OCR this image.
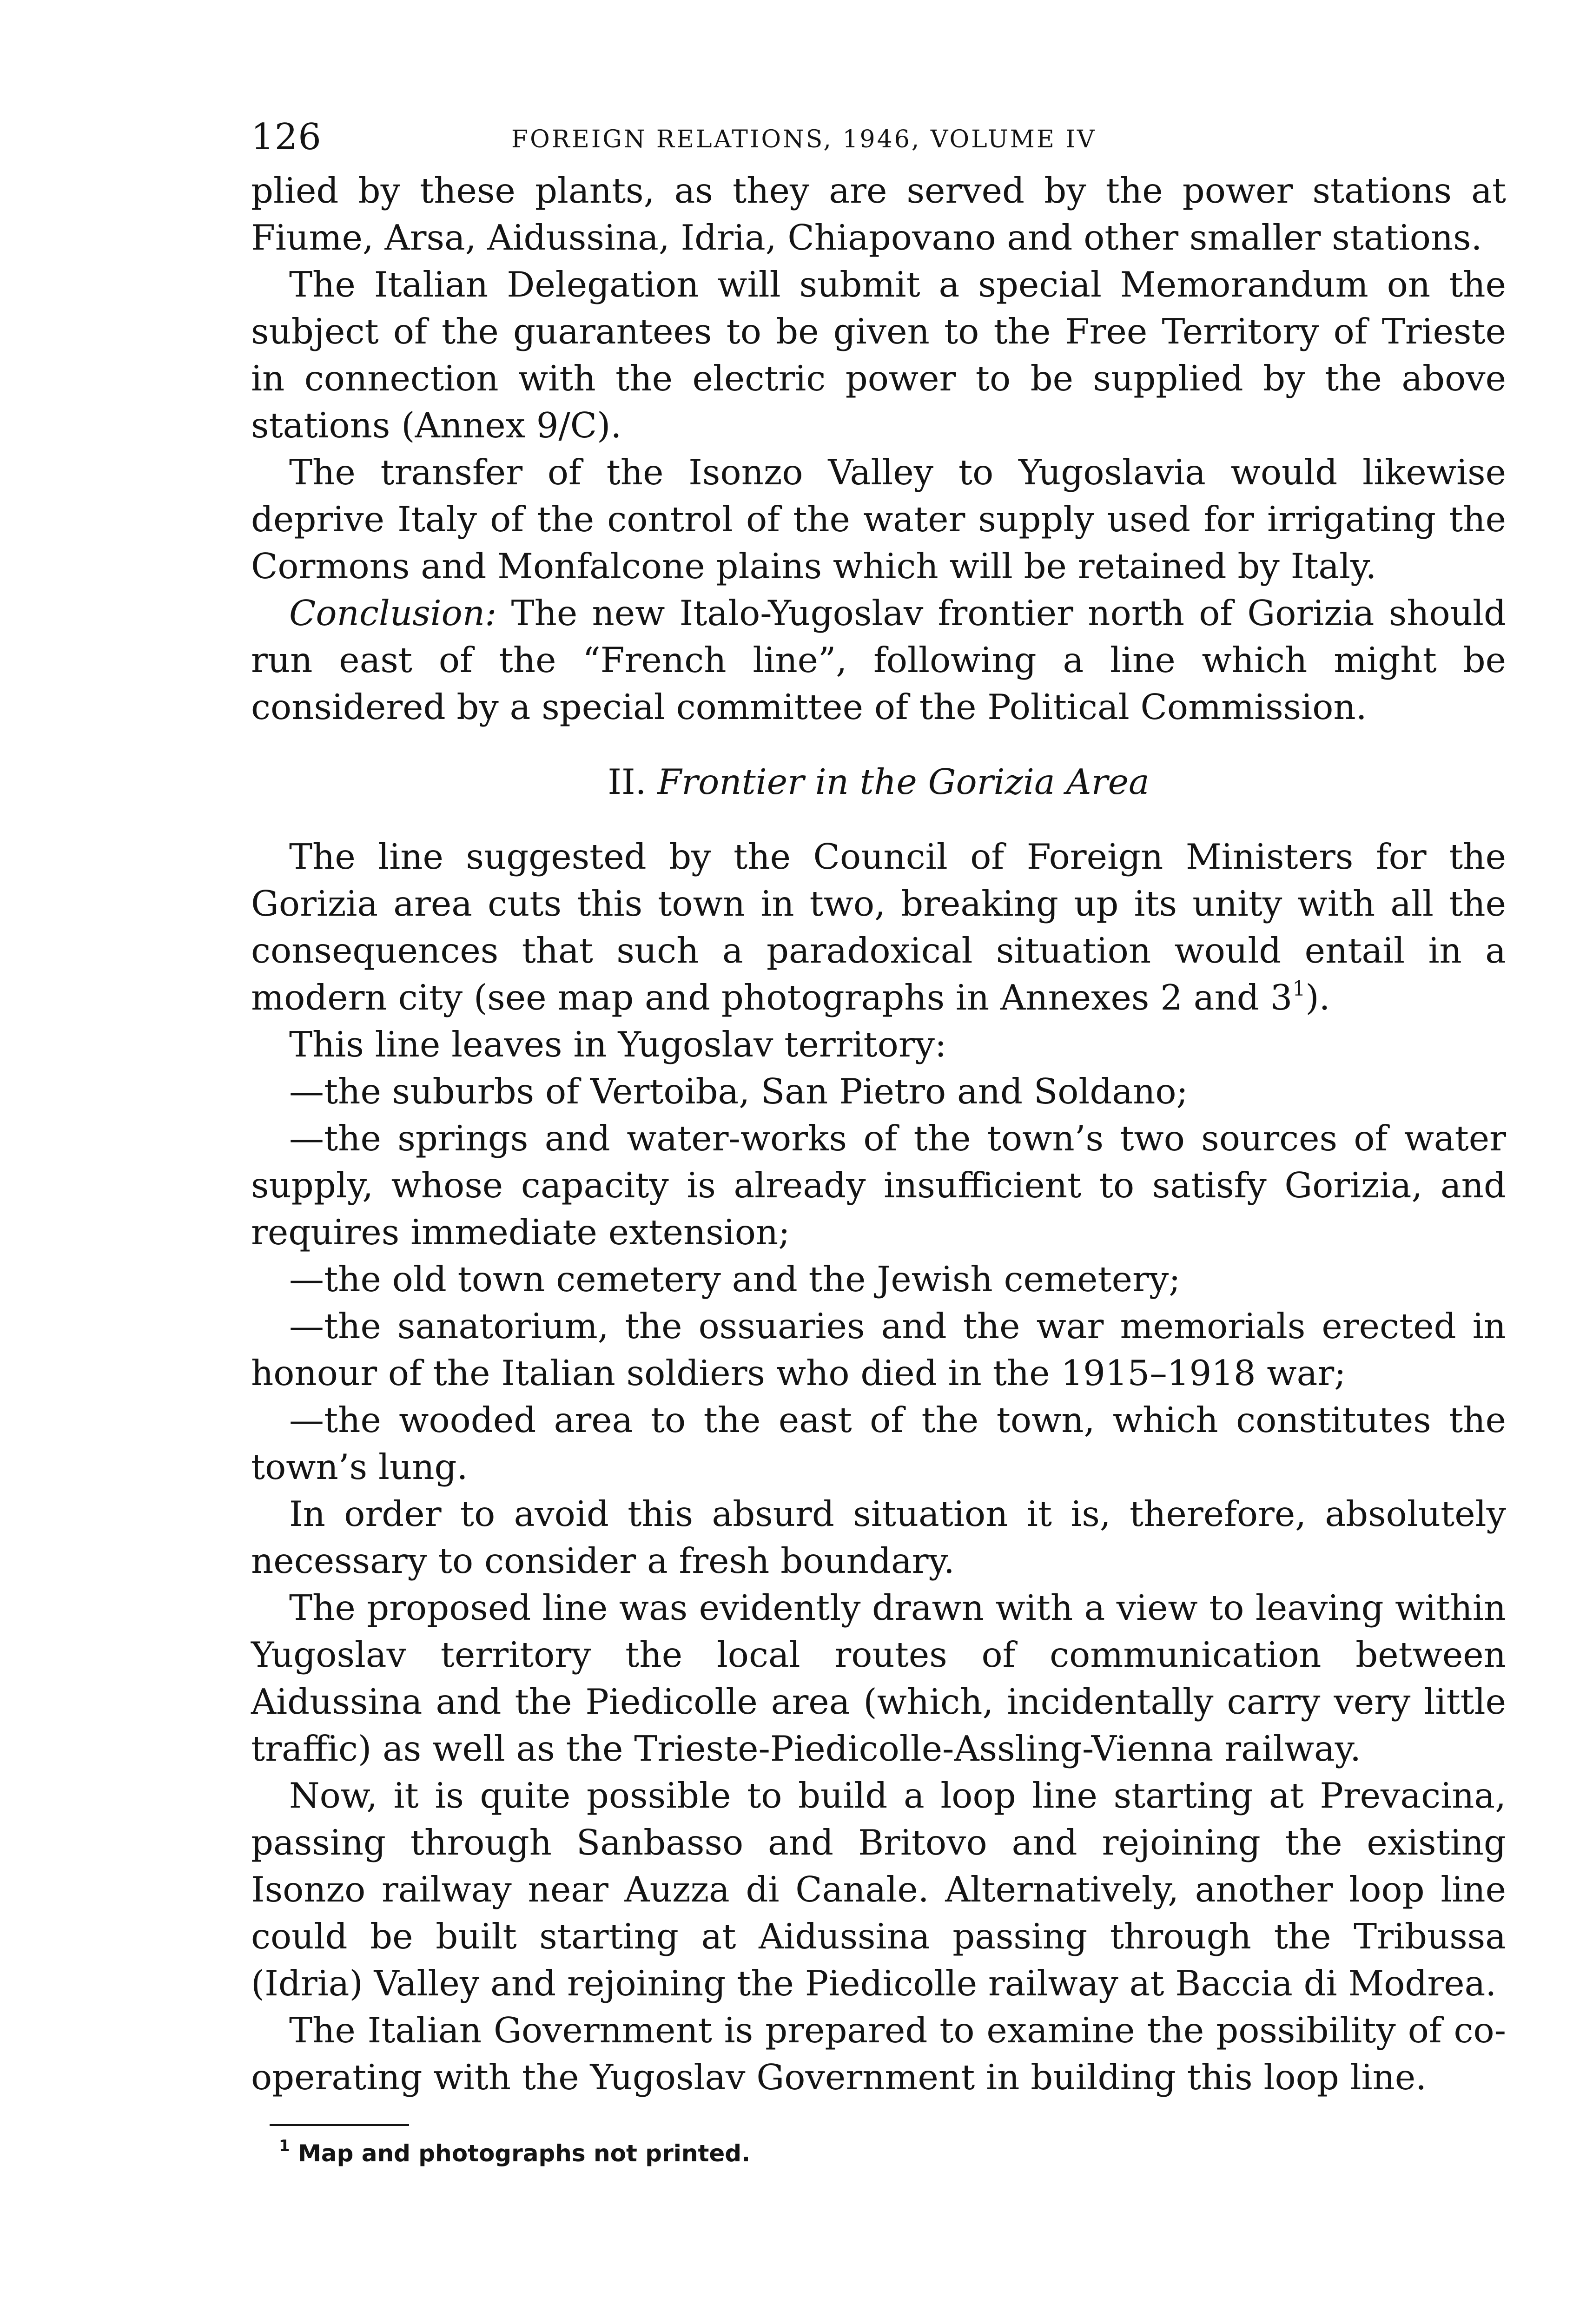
126	FOREIGN RELATIONS, 1946, VOLUME IV

plied by these plants, as they are served by the power stations at Fiume, Arsa, Aidussina, Idria, Chiapovano and other smaller stations.

The Italian Delegation will submit a special Memorandum on the subject of the guarantees to be given to the Free Territory of Trieste in connection with the electric power to be supplied by the above stations (Annex 9/C).

The transfer of the Isonzo Valley to Yugoslavia would likewise deprive Italy of the control of the water supply used for irrigating the Cormons and Monfalcone plains which will be retained by Italy.

Conclusion: The new Italo-Yugoslav frontier north of Gorizia should run east of the “French line”, following a line which might be considered by a special committee of the Political Commission.

II. Frontier in the Gorizia Area

The line suggested by the Council of Foreign Ministers for the Gorizia area cuts this town in two, breaking up its unity with all the consequences that such a paradoxical situation would entail in a modern city (see map and photographs in Annexes 2 and $3^1$).

This line leaves in Yugoslav territory:

—the suburbs of Vertoiba, San Pietro and Soldano;

—the springs and water-works of the town’s two sources of water supply, whose capacity is already insufficient to satisfy Gorizia, and requires immediate extension;

—the old town cemetery and the Jewish cemetery;

—the sanatorium, the ossuaries and the war memorials erected in honour of the Italian soldiers who died in the 1915–1918 war;

—the wooded area to the east of the town, which constitutes the town’s lung.

In order to avoid this absurd situation it is, therefore, absolutely necessary to consider a fresh boundary.

The proposed line was evidently drawn with a view to leaving within Yugoslav territory the local routes of communication between Aidussina and the Piedicolle area (which, incidentally carry very little traffic) as well as the Trieste-Piedicolle-Assling-Vienna railway.

Now, it is quite possible to build a loop line starting at Prevacina, passing through Sanbasso and Britovo and rejoining the existing Isonzo railway near Auzza di Canale. Alternatively, another loop line could be built starting at Aidussina passing through the Tribussa (Idria) Valley and rejoining the Piedicolle railway at Baccia di Modrea.

The Italian Government is prepared to examine the possibility of co-operating with the Yugoslav Government in building this loop line.

$^1$ Map and photographs not printed.
